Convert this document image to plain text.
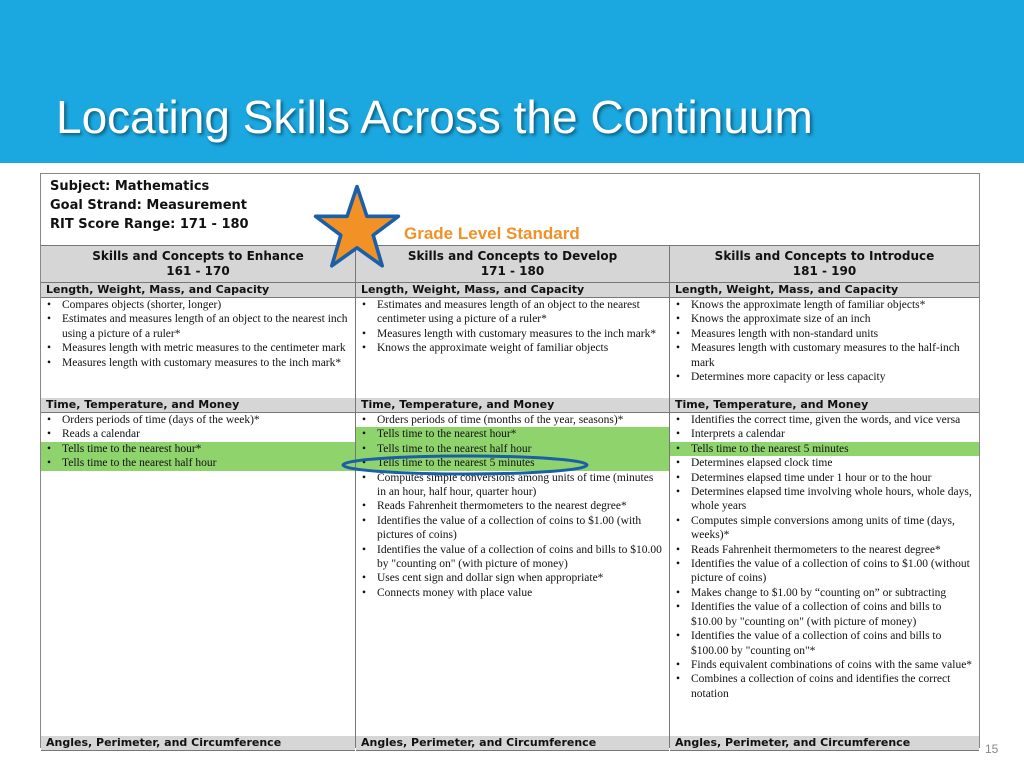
Locating Skills Across the Continuum
Subject: Mathematics
Goal Strand: Measurement
RIT Score Range: 171 - 180
Skills and Concepts to Enhance
161 - 170
Length, Weight, Mass, and Capacity
• Compares objects (shorter, longer)
• Estimates and measures length of an object to the nearest inch using a picture of a ruler*
• Measures length with metric measures to the centimeter mark
• Measures length with customary measures to the inch mark*
Time, Temperature, and Money
• Orders periods of time (days of the week)*
• Reads a calendar
• Tells time to the nearest hour*
• Tells time to the nearest half hour
Angles, Perimeter, and Circumference
Skills and Concepts to Develop
171 - 180
Length, Weight, Mass, and Capacity
• Estimates and measures length of an object to the nearest centimeter using a picture of a ruler*
• Measures length with customary measures to the inch mark*
• Knows the approximate weight of familiar objects
Time, Temperature, and Money
• Orders periods of time (months of the year, seasons)*
• Tells time to the nearest hour*
• Tells time to the nearest half hour
• Tells time to the nearest 5 minutes
• Computes simple conversions among units of time (minutes in an hour, half hour, quarter hour)
• Reads Fahrenheit thermometers to the nearest degree*
• Identifies the value of a collection of coins to $1.00 (with pictures of coins)
• Identifies the value of a collection of coins and bills to $10.00 by "counting on" (with picture of money)
• Uses cent sign and dollar sign when appropriate*
• Connects money with place value
Angles, Perimeter, and Circumference
Skills and Concepts to Introduce
181 - 190
Length, Weight, Mass, and Capacity
• Knows the approximate length of familiar objects*
• Knows the approximate size of an inch
• Measures length with non-standard units
• Measures length with customary measures to the half-inch mark
• Determines more capacity or less capacity
Time, Temperature, and Money
• Identifies the correct time, given the words, and vice versa
• Interprets a calendar
• Tells time to the nearest 5 minutes
• Determines elapsed clock time
• Determines elapsed time under 1 hour or to the hour
• Determines elapsed time involving whole hours, whole days, whole years
• Computes simple conversions among units of time (days, weeks)*
• Reads Fahrenheit thermometers to the nearest degree*
• Identifies the value of a collection of coins to $1.00 (without picture of coins)
• Makes change to $1.00 by “counting on” or subtracting
• Identifies the value of a collection of coins and bills to $10.00 by "counting on" (with picture of money)
• Identifies the value of a collection of coins and bills to $100.00 by "counting on"*
• Finds equivalent combinations of coins with the same value*
• Combines a collection of coins and identifies the correct notation
Angles, Perimeter, and Circumference
Grade Level Standard
15
